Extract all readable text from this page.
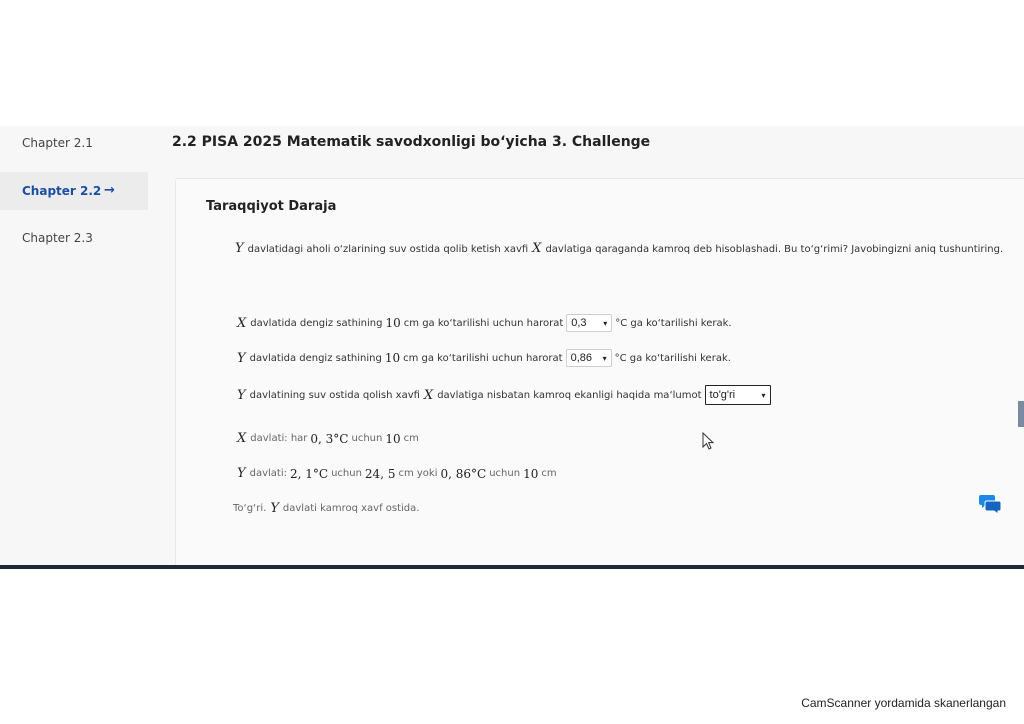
Chapter 2.1
Chapter 2.2 →
Chapter 2.3
2.2 PISA 2025 Matematik savodxonligi bo‘yicha 3. Challenge
Taraqqiyot Daraja
Y davlatidagi aholi o‘zlarining suv ostida qolib ketish xavfi X davlatiga qaraganda kamroq deb hisoblashadi. Bu to‘g‘rimi? Javobingizni aniq tushuntiring.
X davlatida dengiz sathining 10 cm ga ko‘tarilishi uchun harorat 0,3 ▾ °C ga ko‘tarilishi kerak.
Y davlatida dengiz sathining 10 cm ga ko‘tarilishi uchun harorat 0,86 ▾ °C ga ko‘tarilishi kerak.
Y davlatining suv ostida qolish xavfi X davlatiga nisbatan kamroq ekanligi haqida ma‘lumot to'g'ri	▾
X davlati: har 0, 3°C uchun 10 cm
Y davlati: 2, 1°C uchun 24, 5 cm yoki 0, 86°C uchun 10 cm
To‘g‘ri. Y davlati kamroq xavf ostida.
CamScanner yordamida skanerlangan
